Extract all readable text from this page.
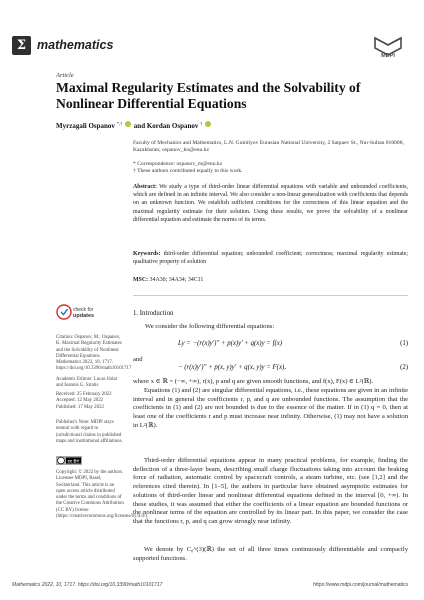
Σ mathematics
MDPI
Article
Maximal Regularity Estimates and the Solvability of Nonlinear Differential Equations
Myrzagali Ospanov *,† and Kordan Ospanov †
Faculty of Mechanics and Mathematics, L.N. Gumilyov Eurasian National University, 2 Satpaev St., Nur-Sultan 010008, Kazakhstan; ospanov_kn@enu.kz
* Correspondence: ospanov_m@enu.kz
† These authors contributed equally to this work.
Abstract: We study a type of third-order linear differential equations with variable and unbounded coefficients, which are defined in an infinite interval. We also consider a non-linear generalization with coefficients that depends on an unknown function. We establish sufficient conditions for the correctness of this linear equation and the maximal regularity estimate for their solution. Using these results, we prove the solvability of a nonlinear differential equation and estimate the norms of its terms.
Keywords: third-order differential equation; unbounded coefficient; correctness; maximal regularity estimate; qualitative property of solution
MSC: 34A30; 34A34; 34C11
check for
updates
Citation: Ospanov, M.; Ospanov, K. Maximal Regularity Estimates and the Solvability of Nonlinear Differential Equations. Mathematics 2022, 10, 1717. https://doi.org/10.3390/math10101717
Academic Editors: Lucas Jódar and Ioannis G. Stratis
Received: 25 February 2022
Accepted: 12 May 2022
Published: 17 May 2022
Publisher's Note: MDPI stays neutral with regard to jurisdictional claims in published maps and institutional affiliations.
cc BY
Copyright: © 2022 by the authors. Licensee MDPI, Basel, Switzerland. This article is an open access article distributed under the terms and conditions of the Creative Commons Attribution (CC BY) license (https://creativecommons.org/licenses/by/4.0/).
1. Introduction
We consider the following differential equations:
Ly = −(r(x)y′)″ + p(x)y′ + q(x)y = f(x)	(1)
and
− (r(x)y′)″ + p(x, y)y′ + q(x, y)y = F(x),	(2)
where x ∈ ℝ = (−∞, +∞), r(x), p and q are given smooth functions, and f(x), F(x) ∈ L²(ℝ).
Equations (1) and (2) are singular differential equations, i.e., these equations are given in an infinite interval and in general the coefficients r, p, and q are unbounded functions. The assumption that the coefficients in (1) and (2) are not bounded is due to the essence of the matter. If in (1) q = 0, then at least one of the coefficients r and p must increase near infinity. Otherwise, (1) may not have a solution in L²(ℝ).
Third-order differential equations appear in many practical problems, for example, finding the deflection of a three-layer beam, describing small charge fluctuations taking into account the braking force of radiation, automatic control by spacecraft controls, a steam turbine, etc. (see [1,2] and the references cited therein). In [1–5], the authors in particular have obtained asymptotic estimates for solutions of third-order linear and nonlinear differential equations defined in the interval [0, +∞). In these studies, it was assumed that either the coefficients of a linear equation are bounded functions or the nonlinear terms of the equation are controlled by its linear part. In this paper, we consider the case that the functions r, p, and q can grow strongly near infinity.
We denote by C₀^(3)(ℝ) the set of all three times continuously differentiable and compactly supported functions.
Mathematics 2022, 10, 1717. https://doi.org/10.3390/math10101717	https://www.mdpi.com/journal/mathematics
